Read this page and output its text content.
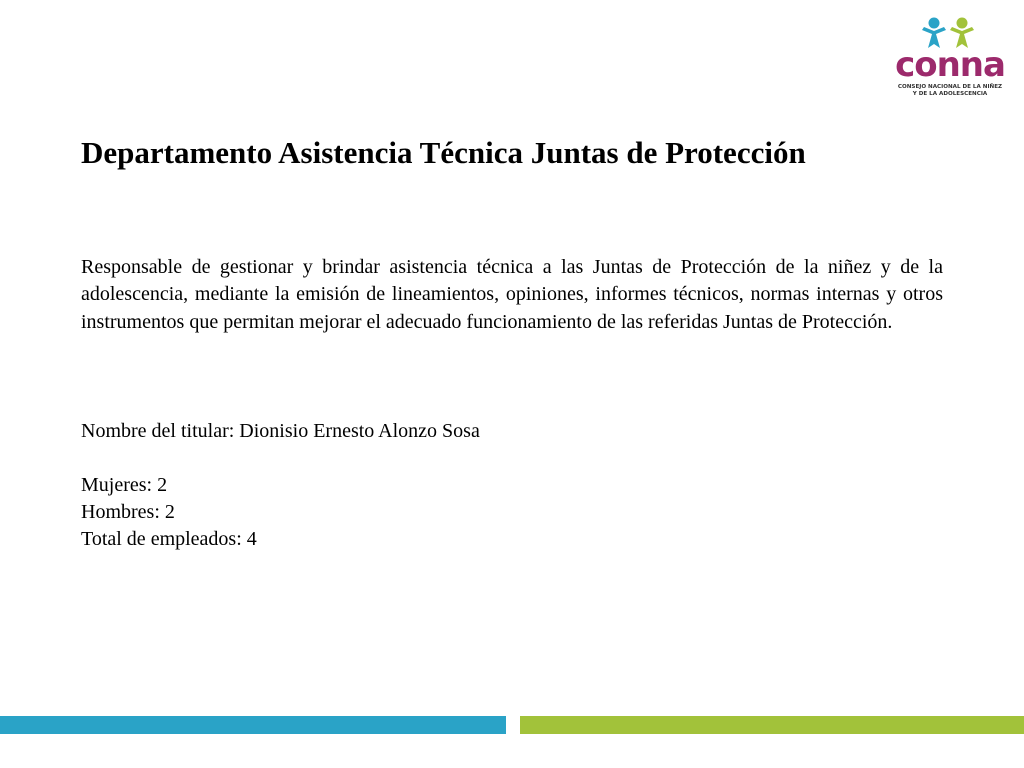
conna
CONSEJO NACIONAL DE LA NIÑEZ
Y DE LA ADOLESCENCIA
Departamento Asistencia Técnica Juntas de Protección

Responsable de gestionar y brindar asistencia técnica a las Juntas de Protección de la niñez y de la adolescencia, mediante la emisión de lineamientos, opiniones, informes técnicos, normas internas y otros instrumentos que permitan mejorar el adecuado funcionamiento de las referidas Juntas de Protección.

Nombre del titular: Dionisio Ernesto Alonzo Sosa

Mujeres: 2

Hombres: 2

Total de empleados: 4
